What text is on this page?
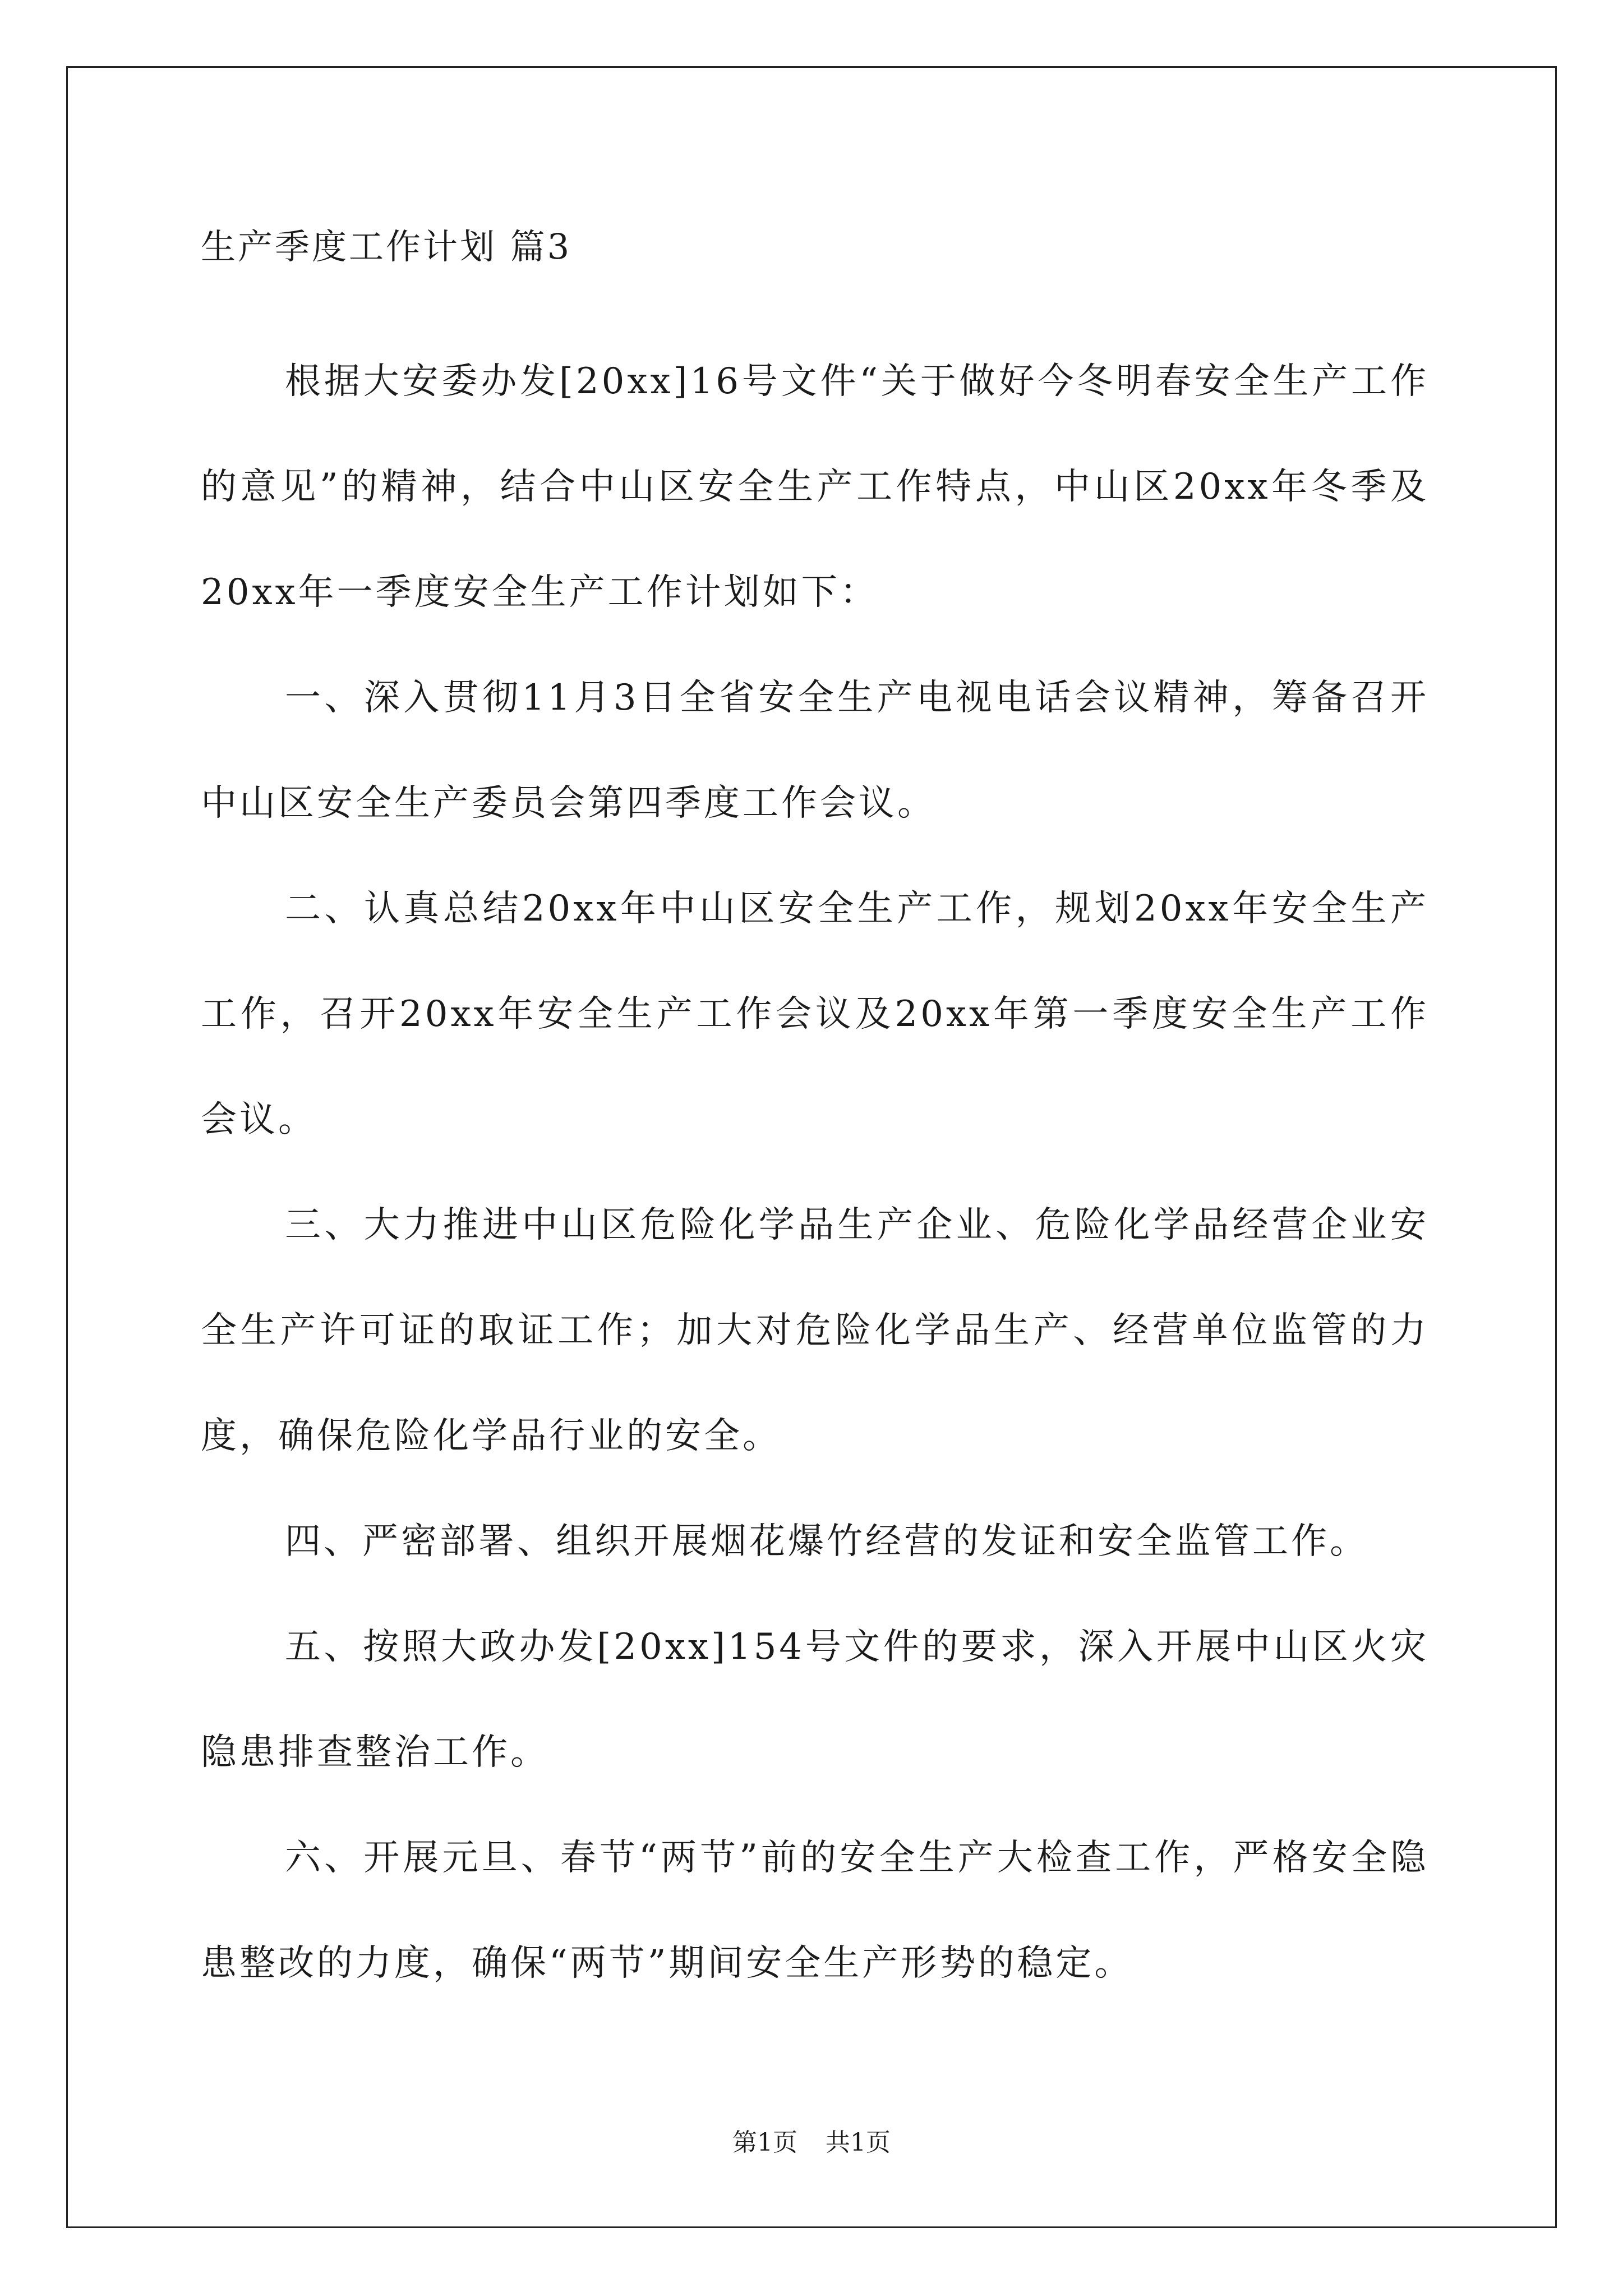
生产季度工作计划 篇3
根据大安委办发[20xx]16号文件“关于做好今冬明春安全生产工作的意见”的精神，结合中山区安全生产工作特点，中山区20xx年冬季及20xx年一季度安全生产工作计划如下：
一、深入贯彻11月3日全省安全生产电视电话会议精神，筹备召开中山区安全生产委员会第四季度工作会议。
二、认真总结20xx年中山区安全生产工作，规划20xx年安全生产工作，召开20xx年安全生产工作会议及20xx年第一季度安全生产工作会议。
三、大力推进中山区危险化学品生产企业、危险化学品经营企业安全生产许可证的取证工作；加大对危险化学品生产、经营单位监管的力度，确保危险化学品行业的安全。
四、严密部署、组织开展烟花爆竹经营的发证和安全监管工作。
五、按照大政办发[20xx]154号文件的要求，深入开展中山区火灾隐患排查整治工作。
六、开展元旦、春节“两节”前的安全生产大检查工作，严格安全隐患整改的力度，确保“两节”期间安全生产形势的稳定。
第1页 共1页
